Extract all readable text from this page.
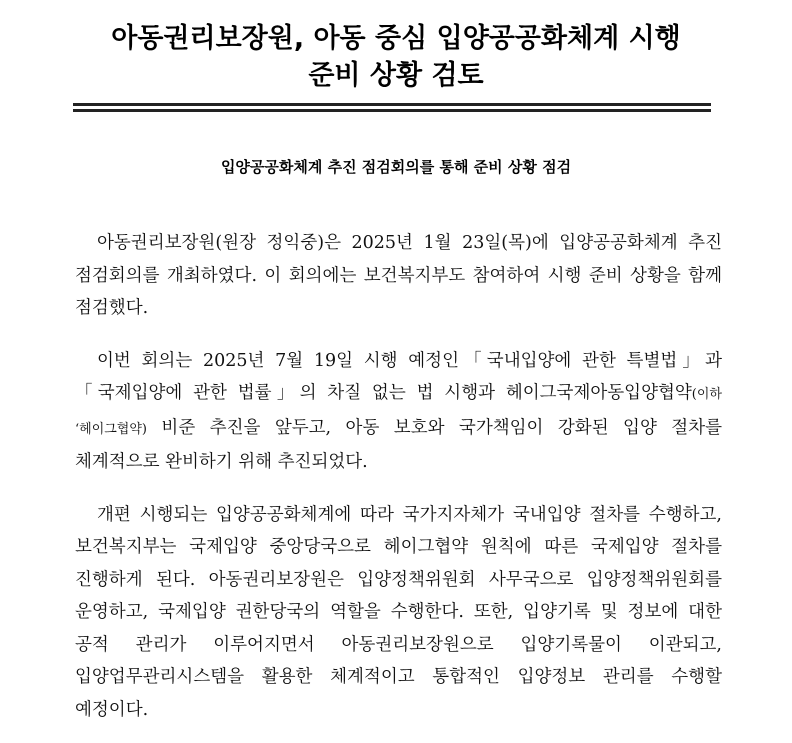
아동권리보장원, 아동 중심 입양공공화체계 시행
준비 상황 검토
입양공공화체계 추진 점검회의를 통해 준비 상황 점검

아동권리보장원(원장 정익중)은 2025년 1월 23일(목)에 입양공공화체계 추진 점검회의를 개최하였다. 이 회의에는 보건복지부도 참여하여 시행 준비 상황을 함께 점검했다.

이번 회의는 2025년 7월 19일 시행 예정인「국내입양에 관한 특별법」과「국제입양에 관한 법률」의 차질 없는 법 시행과 헤이그국제아동입양협약(이하 ‘헤이그협약) 비준 추진을 앞두고, 아동 보호와 국가책임이 강화된 입양 절차를 체계적으로 완비하기 위해 추진되었다.

개편 시행되는 입양공공화체계에 따라 국가지자체가 국내입양 절차를 수행하고, 보건복지부는 국제입양 중앙당국으로 헤이그협약 원칙에 따른 국제입양 절차를 진행하게 된다. 아동권리보장원은 입양정책위원회 사무국으로 입양정책위원회를 운영하고, 국제입양 권한당국의 역할을 수행한다. 또한, 입양기록 및 정보에 대한 공적 관리가 이루어지면서 아동권리보장원으로 입양기록물이 이관되고, 입양업무관리시스템을 활용한 체계적이고 통합적인 입양정보 관리를 수행할 예정이다.
